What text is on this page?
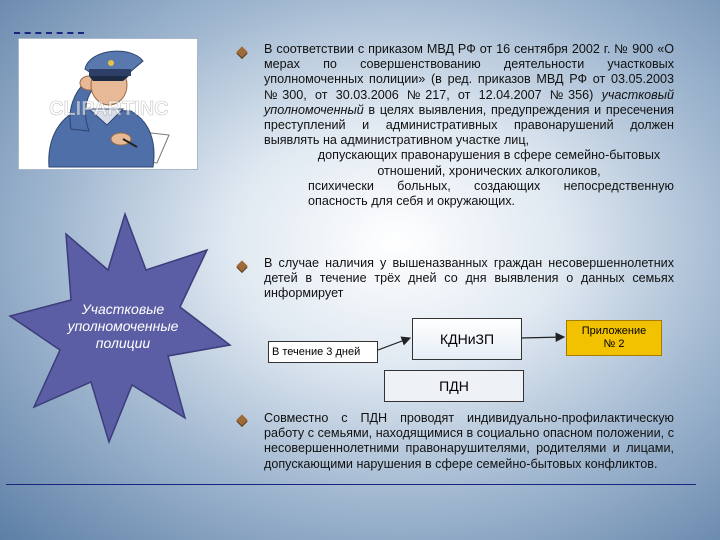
CLIPARTINC
Участковые уполномоченные полиции
В соответствии с приказом МВД РФ от 16 сентября 2002 г. № 900 «О мерах по совершенствованию деятельности участковых уполномоченных полиции» (в ред. приказов МВД РФ от 03.05.2003 №300, от 30.03.2006 №217, от 12.04.2007 №356) участковый уполномоченный в целях выявления, предупреждения и пресечения преступлений и административных правонарушений должен выявлять на административном участке лиц,
допускающих правонарушения в сфере семейно-бытовых отношений, хронических алкоголиков,
психически больных, создающих непосредственную опасность для себя и окружающих.
В случае наличия у вышеназванных граждан несовершеннолетних детей в течение трёх дней со дня выявления о данных семьях информирует
В течение 3 дней
КДНиЗП	Приложение
№ 2
ПДН
Совместно с ПДН проводят индивидуально-профилактическую работу с семьями, находящимися в социально опасном положении, с несовершеннолетними правонарушителями, родителями и лицами, допускающими нарушения в сфере семейно-бытовых конфликтов.
